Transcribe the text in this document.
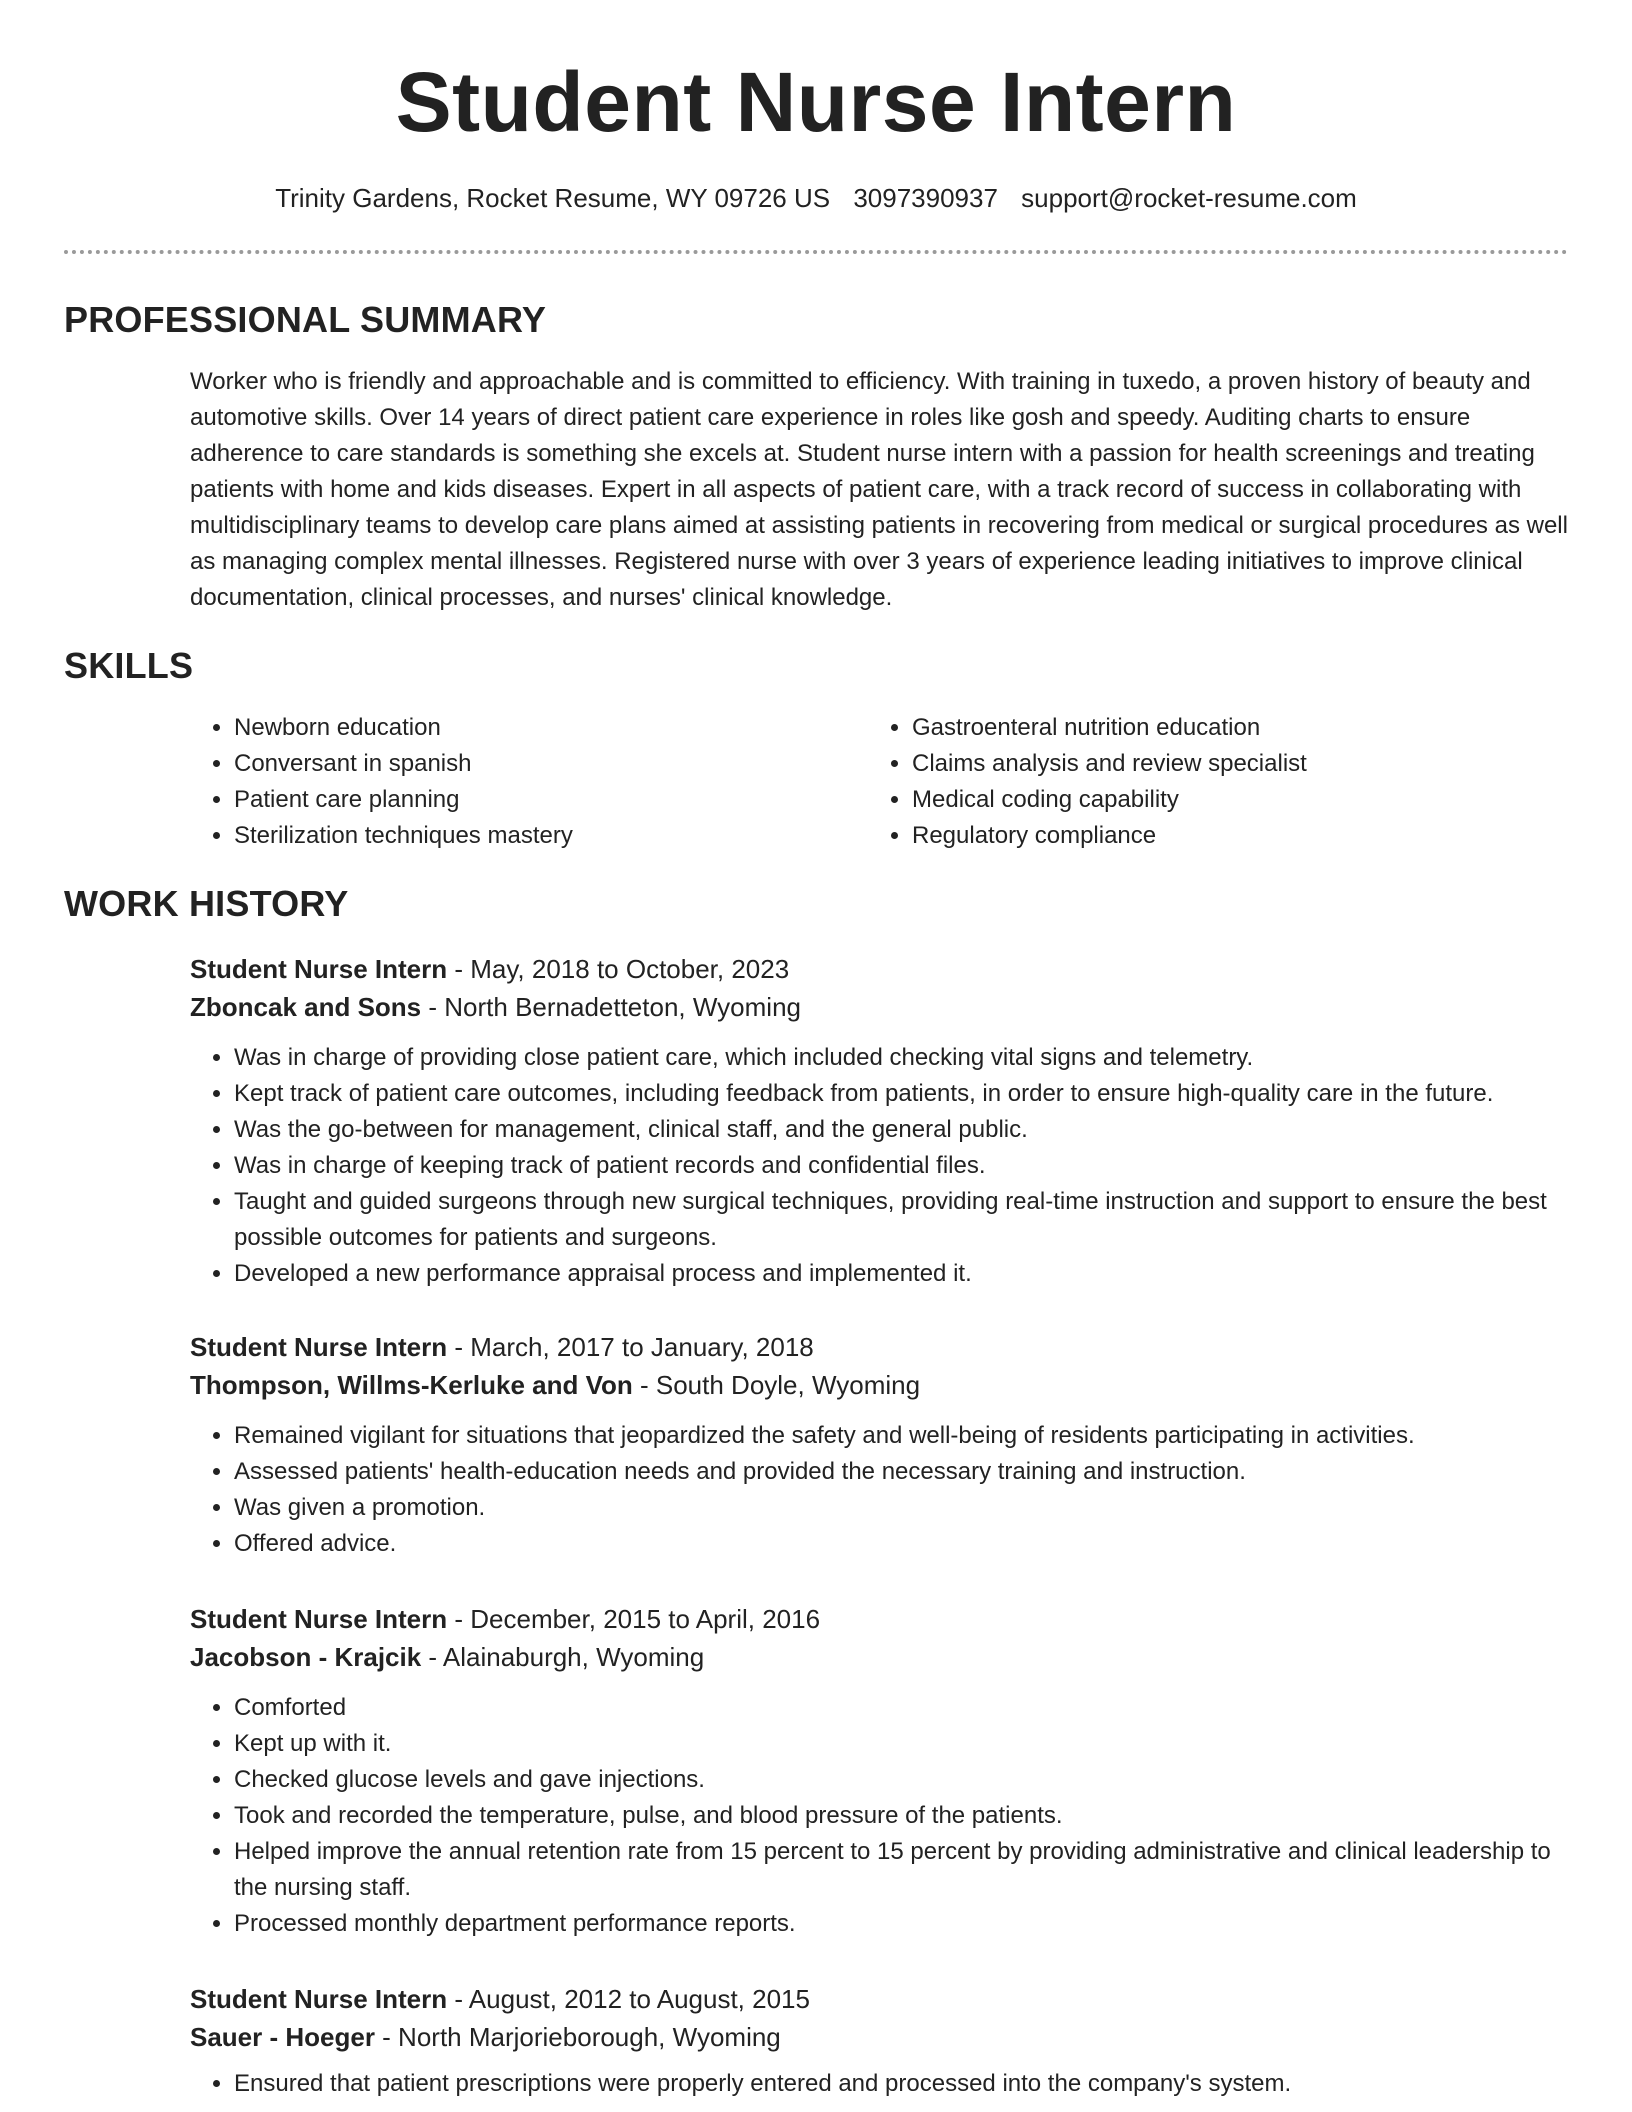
Student Nurse Intern
Trinity Gardens, Rocket Resume, WY 09726 US 3097390937 support@rocket-resume.com
PROFESSIONAL SUMMARY
Worker who is friendly and approachable and is committed to efficiency. With training in tuxedo, a proven history of beauty and automotive skills. Over 14 years of direct patient care experience in roles like gosh and speedy. Auditing charts to ensure adherence to care standards is something she excels at. Student nurse intern with a passion for health screenings and treating patients with home and kids diseases. Expert in all aspects of patient care, with a track record of success in collaborating with multidisciplinary teams to develop care plans aimed at assisting patients in recovering from medical or surgical procedures as well as managing complex mental illnesses. Registered nurse with over 3 years of experience leading initiatives to improve clinical documentation, clinical processes, and nurses' clinical knowledge.
SKILLS
• Newborn education
• Conversant in spanish
• Patient care planning
• Sterilization techniques mastery
• Gastroenteral nutrition education
• Claims analysis and review specialist
• Medical coding capability
• Regulatory compliance
WORK HISTORY
Student Nurse Intern - May, 2018 to October, 2023
Zboncak and Sons - North Bernadetteton, Wyoming
• Was in charge of providing close patient care, which included checking vital signs and telemetry.
• Kept track of patient care outcomes, including feedback from patients, in order to ensure high-quality care in the future.
• Was the go-between for management, clinical staff, and the general public.
• Was in charge of keeping track of patient records and confidential files.
• Taught and guided surgeons through new surgical techniques, providing real-time instruction and support to ensure the best possible outcomes for patients and surgeons.
• Developed a new performance appraisal process and implemented it.
Student Nurse Intern - March, 2017 to January, 2018
Thompson, Willms-Kerluke and Von - South Doyle, Wyoming
• Remained vigilant for situations that jeopardized the safety and well-being of residents participating in activities.
• Assessed patients' health-education needs and provided the necessary training and instruction.
• Was given a promotion.
• Offered advice.
Student Nurse Intern - December, 2015 to April, 2016
Jacobson - Krajcik - Alainaburgh, Wyoming
• Comforted
• Kept up with it.
• Checked glucose levels and gave injections.
• Took and recorded the temperature, pulse, and blood pressure of the patients.
• Helped improve the annual retention rate from 15 percent to 15 percent by providing administrative and clinical leadership to the nursing staff.
• Processed monthly department performance reports.
Student Nurse Intern - August, 2012 to August, 2015
Sauer - Hoeger - North Marjorieborough, Wyoming
• Ensured that patient prescriptions were properly entered and processed into the company's system.
